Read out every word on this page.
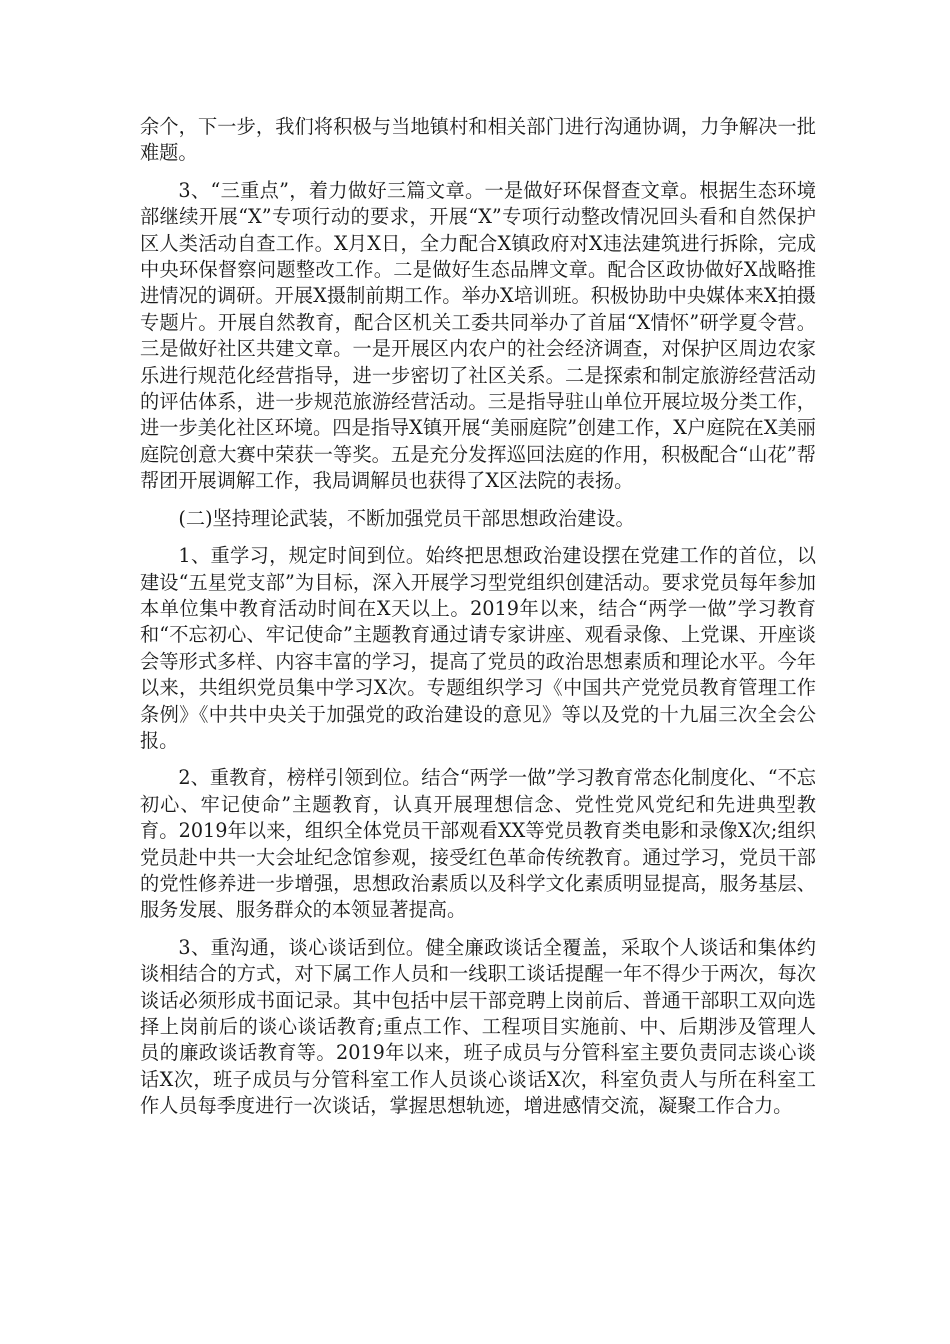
余个，下一步，我们将积极与当地镇村和相关部门进行沟通协调，力争解决一批难题。

3、“三重点”，着力做好三篇文章。一是做好环保督查文章。根据生态环境部继续开展“X”专项行动的要求，开展“X”专项行动整改情况回头看和自然保护区人类活动自查工作。X月X日，全力配合X镇政府对X违法建筑进行拆除，完成中央环保督察问题整改工作。二是做好生态品牌文章。配合区政协做好X战略推进情况的调研。开展X摄制前期工作。举办X培训班。积极协助中央媒体来X拍摄专题片。开展自然教育，配合区机关工委共同举办了首届“X情怀”研学夏令营。三是做好社区共建文章。一是开展区内农户的社会经济调查，对保护区周边农家乐进行规范化经营指导，进一步密切了社区关系。二是探索和制定旅游经营活动的评估体系，进一步规范旅游经营活动。三是指导驻山单位开展垃圾分类工作，进一步美化社区环境。四是指导X镇开展“美丽庭院”创建工作，X户庭院在X美丽庭院创意大赛中荣获一等奖。五是充分发挥巡回法庭的作用，积极配合“山花”帮帮团开展调解工作，我局调解员也获得了X区法院的表扬。

(二)坚持理论武装，不断加强党员干部思想政治建设。

1、重学习，规定时间到位。始终把思想政治建设摆在党建工作的首位，以建设“五星党支部”为目标，深入开展学习型党组织创建活动。要求党员每年参加本单位集中教育活动时间在X天以上。2019年以来，结合“两学一做”学习教育和“不忘初心、牢记使命”主题教育通过请专家讲座、观看录像、上党课、开座谈会等形式多样、内容丰富的学习，提高了党员的政治思想素质和理论水平。今年以来，共组织党员集中学习X次。专题组织学习《中国共产党党员教育管理工作条例》《中共中央关于加强党的政治建设的意见》等以及党的十九届三次全会公报。

2、重教育，榜样引领到位。结合“两学一做”学习教育常态化制度化、“不忘初心、牢记使命”主题教育，认真开展理想信念、党性党风党纪和先进典型教育。2019年以来，组织全体党员干部观看XX等党员教育类电影和录像X次;组织党员赴中共一大会址纪念馆参观，接受红色革命传统教育。通过学习，党员干部的党性修养进一步增强，思想政治素质以及科学文化素质明显提高，服务基层、服务发展、服务群众的本领显著提高。

3、重沟通，谈心谈话到位。健全廉政谈话全覆盖，采取个人谈话和集体约谈相结合的方式，对下属工作人员和一线职工谈话提醒一年不得少于两次，每次谈话必须形成书面记录。其中包括中层干部竞聘上岗前后、普通干部职工双向选择上岗前后的谈心谈话教育;重点工作、工程项目实施前、中、后期涉及管理人员的廉政谈话教育等。2019年以来，班子成员与分管科室主要负责同志谈心谈话X次，班子成员与分管科室工作人员谈心谈话X次，科室负责人与所在科室工作人员每季度进行一次谈话，掌握思想轨迹，增进感情交流，凝聚工作合力。
